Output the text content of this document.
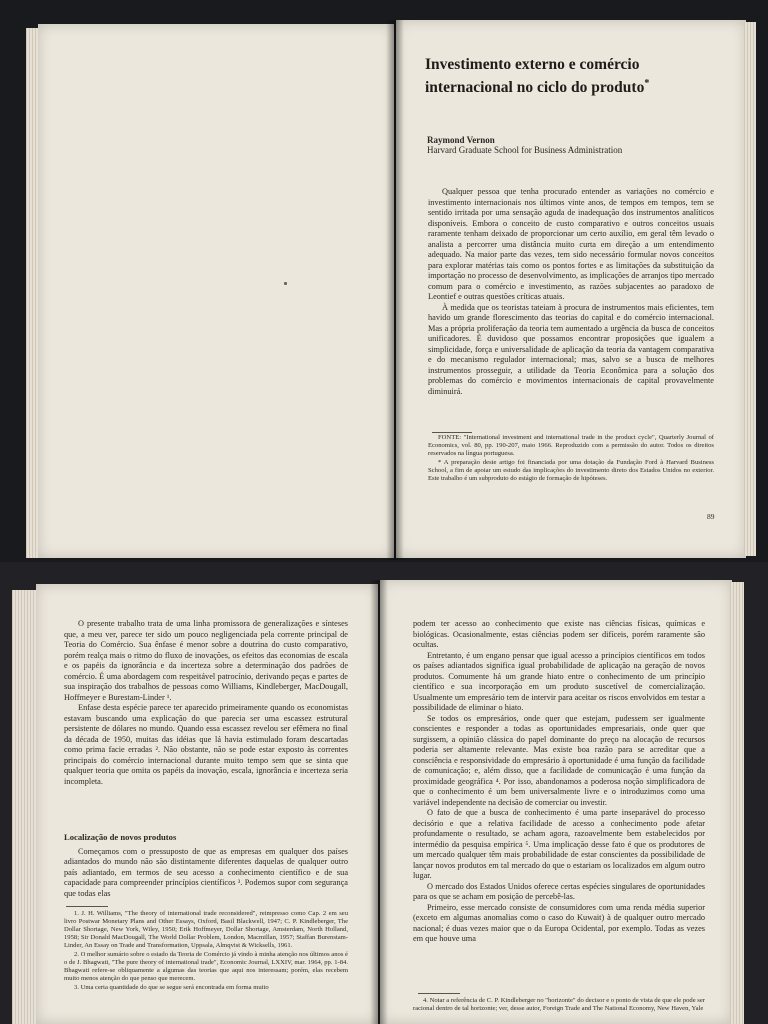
Investimento externo e comércio internacional no ciclo do produto*
Raymond Vernon
Harvard Graduate School for Business Administration

Qualquer pessoa que tenha procurado entender as variações no comércio e investimento internacionais nos últimos vinte anos, de tempos em tempos, tem se sentido irritada por uma sensação aguda de inadequação dos instrumentos analíticos disponíveis. Embora o conceito de custo comparativo e outros conceitos usuais raramente tenham deixado de proporcionar um certo auxílio, em geral têm levado o analista a percorrer uma distância muito curta em direção a um entendimento adequado. Na maior parte das vezes, tem sido necessário formular novos conceitos para explorar matérias tais como os pontos fortes e as limitações da substituição da importação no processo de desenvolvimento, as implicações de arranjos tipo mercado comum para o comércio e investimento, as razões subjacentes ao paradoxo de Leontief e outras questões críticas atuais.

À medida que os teoristas tateiam à procura de instrumentos mais eficientes, tem havido um grande florescimento das teorias do capital e do comércio internacional. Mas a própria proliferação da teoria tem aumentado a urgência da busca de conceitos unificadores. É duvidoso que possamos encontrar proposições que igualem a simplicidade, força e universalidade de aplicação da teoria da vantagem comparativa e do mecanismo regulador internacional; mas, salvo se a busca de melhores instrumentos prosseguir, a utilidade da Teoria Econômica para a solução dos problemas do comércio e movimentos internacionais de capital provavelmente diminuirá.

FONTE: "International investment and international trade in the product cycle", Quarterly Journal of Economics, vol. 80, pp. 190-207, maio 1966. Reproduzido com a permissão do autor. Todos os direitos reservados na língua portuguesa.

* A preparação deste artigo foi financiada por uma dotação da Fundação Ford à Harvard Business School, a fim de apoiar um estudo das implicações do investimento direto dos Estados Unidos no exterior. Este trabalho é um subproduto do estágio de formação de hipóteses.

89

O presente trabalho trata de uma linha promissora de generalizações e sínteses que, a meu ver, parece ter sido um pouco negligenciada pela corrente principal de Teoria do Comércio. Sua ênfase é menor sobre a doutrina do custo comparativo, porém realça mais o ritmo do fluxo de inovações, os efeitos das economias de escala e os papéis da ignorância e da incerteza sobre a determinação dos padrões de comércio. É uma abordagem com respeitável patrocínio, derivando peças e partes de sua inspiração dos trabalhos de pessoas como Williams, Kindleberger, MacDougall, Hoffmeyer e Burestam-Linder ¹.

Enfase desta espécie parece ter aparecido primeiramente quando os economistas estavam buscando uma explicação do que parecia ser uma escassez estrutural persistente de dólares no mundo. Quando essa escassez revelou ser efêmera no final da década de 1950, muitas das idéias que lá havia estimulado foram descartadas como prima facie erradas ². Não obstante, não se pode estar exposto às correntes principais do comércio internacional durante muito tempo sem que se sinta que qualquer teoria que omita os papéis da inovação, escala, ignorância e incerteza seria incompleta.

Localização de novos produtos

Começamos com o pressuposto de que as empresas em qualquer dos países adiantados do mundo não são distintamente diferentes daquelas de qualquer outro país adiantado, em termos de seu acesso a conhecimento científico e de sua capacidade para compreender princípios científicos ³. Podemos supor com segurança que todas elas

1. J. H. Williams, "The theory of international trade reconsidered", reimpresso como Cap. 2 em seu livro Postwar Monetary Plans and Other Essays, Oxford, Basil Blackwell, 1947; C. P. Kindleberger, The Dollar Shortage, New York, Wiley, 1950; Erik Hoffmeyer, Dollar Shortage, Amsterdam, North Holland, 1958; Sir Donald MacDougall, The World Dollar Problem, London, Macmillan, 1957; Staffan Burenstam-Linder, An Essay on Trade and Transformation, Uppsala, Almqvist & Wicksells, 1961.

2. O melhor sumário sobre o estado da Teoria de Comércio já vindo à minha atenção nos últimos anos é o de J. Bhagwati, "The pure theory of international trade", Economic Journal, LXXIV, mar. 1964, pp. 1-84. Bhagwati refere-se obliquamente a algumas das teorias que aqui nos interessam; porém, elas recebem muito menos atenção do que penso que merecem.

3. Uma certa quantidade do que se segue será encontrada em forma muito

podem ter acesso ao conhecimento que existe nas ciências físicas, químicas e biológicas. Ocasionalmente, estas ciências podem ser difíceis, porém raramente são ocultas.

Entretanto, é um engano pensar que igual acesso a princípios científicos em todos os países adiantados significa igual probabilidade de aplicação na geração de novos produtos. Comumente há um grande hiato entre o conhecimento de um princípio científico e sua incorporação em um produto suscetível de comercialização. Usualmente um empresário tem de intervir para aceitar os riscos envolvidos em testar a possibilidade de eliminar o hiato.

Se todos os empresários, onde quer que estejam, pudessem ser igualmente conscientes e responder a todas as oportunidades empresariais, onde quer que surgissem, a opinião clássica do papel dominante do preço na alocação de recursos poderia ser altamente relevante. Mas existe boa razão para se acreditar que a consciência e responsividade do empresário à oportunidade é uma função da facilidade de comunicação; e, além disso, que a facilidade de comunicação é uma função da proximidade geográfica ⁴. Por isso, abandonamos a poderosa noção simplificadora de que o conhecimento é um bem universalmente livre e o introduzimos como uma variável independente na decisão de comerciar ou investir.

O fato de que a busca de conhecimento é uma parte inseparável do processo decisório e que a relativa facilidade de acesso a conhecimento pode afetar profundamente o resultado, se acham agora, razoavelmente bem estabelecidos por intermédio da pesquisa empírica ⁵. Uma implicação desse fato é que os produtores de um mercado qualquer têm mais probabilidade de estar conscientes da possibilidade de lançar novos produtos em tal mercado do que o estariam os localizados em algum outro lugar.

O mercado dos Estados Unidos oferece certas espécies singulares de oportunidades para os que se acham em posição de percebê-las.

Primeiro, esse mercado consiste de consumidores com uma renda média superior (exceto em algumas anomalias como o caso do Kuwait) à de qualquer outro mercado nacional; é duas vezes maior que o da Europa Ocidental, por exemplo. Todas as vezes em que houve uma

4. Notar a referência de C. P. Kindleberger no "horizonte" do decisor e o ponto de vista de que ele pode ser racional dentro de tal horizonte; ver, desse autor, Foreign Trade and The National Economy, New Haven, Yale
